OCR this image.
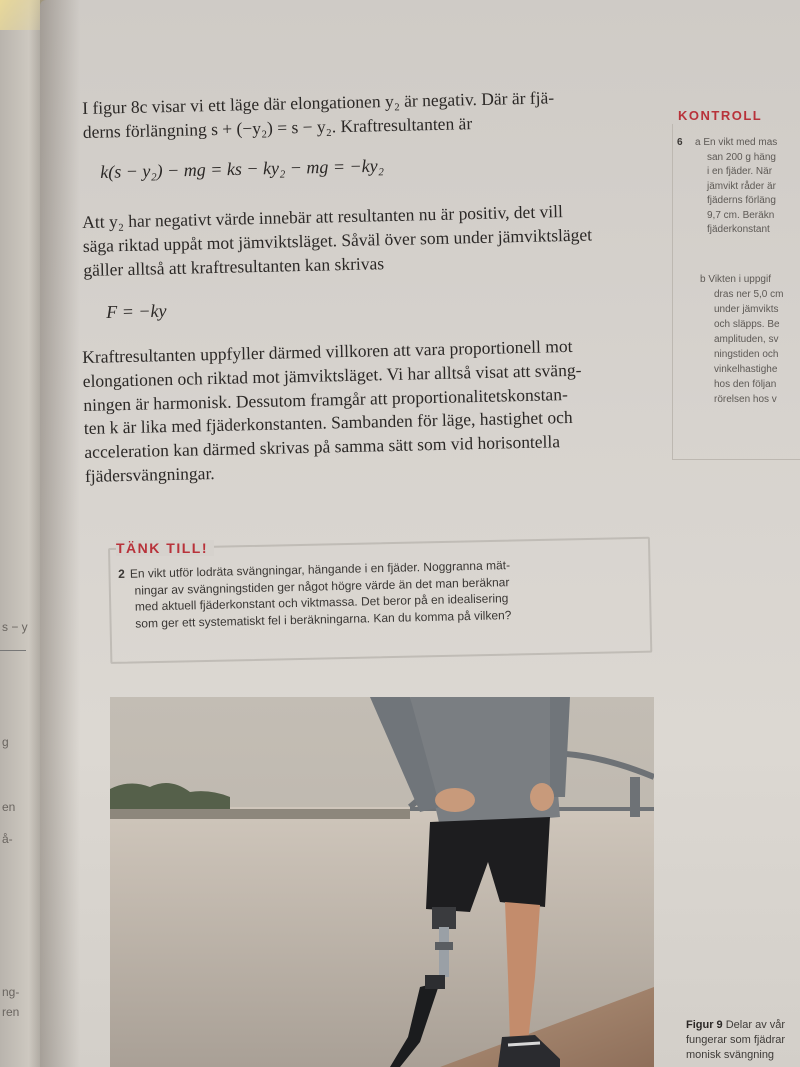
s − y
g
en
å-
ng-
ren
I figur 8c visar vi ett läge där elongationen y₂ är negativ. Där är fjä-
derns förlängning s + (−y₂) = s − y₂. Kraftresultanten är
k(s − y₂) − mg = ks − ky₂ − mg = −ky₂
Att y₂ har negativt värde innebär att resultanten nu är positiv, det vill
säga riktad uppåt mot jämviktsläget. Såväl över som under jämviktsläget
gäller alltså att kraftresultanten kan skrivas
F = −ky
Kraftresultanten uppfyller därmed villkoren att vara proportionell mot
elongationen och riktad mot jämviktsläget. Vi har alltså visat att sväng-
ningen är harmonisk. Dessutom framgår att proportionalitetskonstan-
ten k är lika med fjäderkonstanten. Sambanden för läge, hastighet och
acceleration kan därmed skrivas på samma sätt som vid horisontella
fjädersvängningar.
KONTROLL
6 a En vikt med mas
san 200 g häng
i en fjäder. När
jämvikt råder är
fjäderns förläng
9,7 cm. Beräkn
fjäderkonstant
b Vikten i uppgif
dras ner 5,0 cm
under jämvikts
och släpps. Be
amplituden, sv
ningstiden och
vinkelhastighe
hos den följan
rörelsen hos v
TÄNK TILL!
2 En vikt utför lodräta svängningar, hängande i en fjäder. Noggranna mät-
ningar av svängningstiden ger något högre värde än det man beräknar
med aktuell fjäderkonstant och viktmassa. Det beror på en idealisering
som ger ett systematiskt fel i beräkningarna. Kan du komma på vilken?
Figur 9 Delar av vår
fungerar som fjädrar
monisk svängning
